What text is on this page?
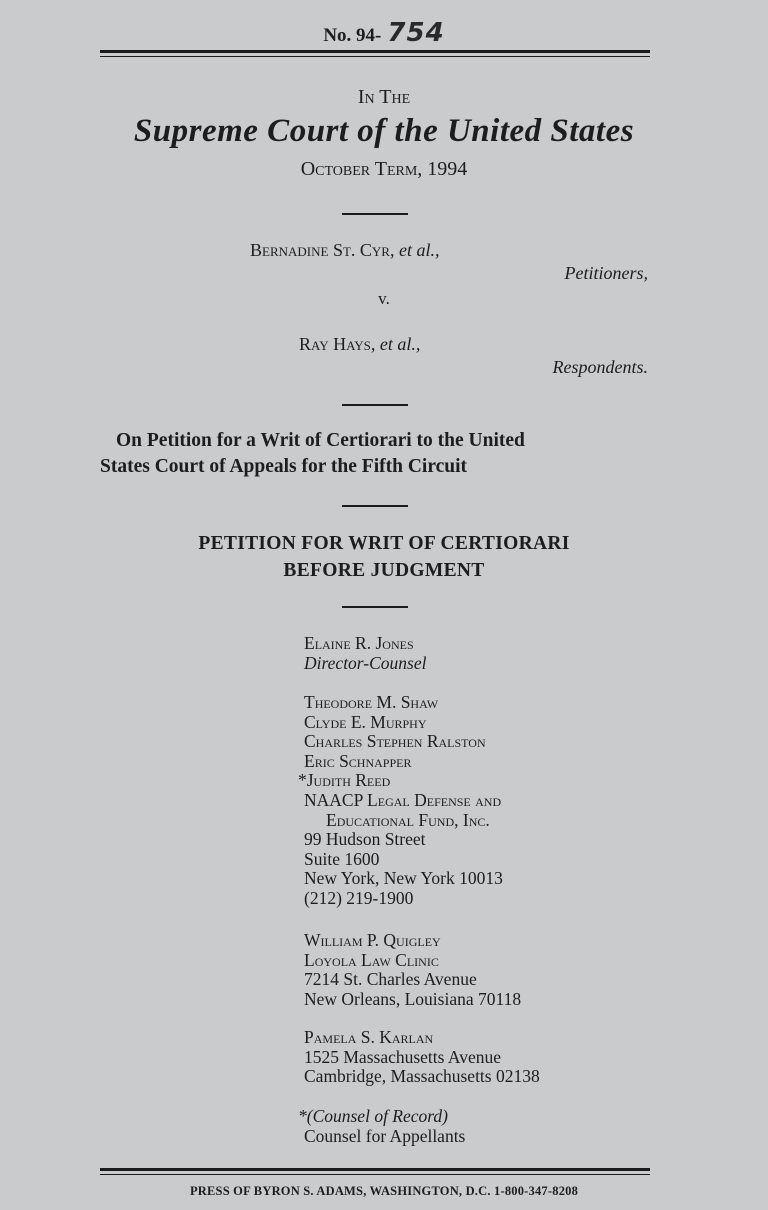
No. 94- 754
In The
Supreme Court of the United States
October Term, 1994
Bernadine St. Cyr, et al.,
Petitioners,
v.
Ray Hays, et al.,
Respondents.
On Petition for a Writ of Certiorari to the United
States Court of Appeals for the Fifth Circuit
PETITION FOR WRIT OF CERTIORARI
BEFORE JUDGMENT
Elaine R. Jones
Director-Counsel
Theodore M. Shaw
Clyde E. Murphy
Charles Stephen Ralston
Eric Schnapper
*Judith Reed
NAACP Legal Defense and
Educational Fund, Inc.
99 Hudson Street
Suite 1600
New York, New York 10013
(212) 219-1900
William P. Quigley
Loyola Law Clinic
7214 St. Charles Avenue
New Orleans, Louisiana 70118
Pamela S. Karlan
1525 Massachusetts Avenue
Cambridge, Massachusetts 02138
*(Counsel of Record)
Counsel for Appellants
PRESS OF BYRON S. ADAMS, WASHINGTON, D.C. 1-800-347-8208
